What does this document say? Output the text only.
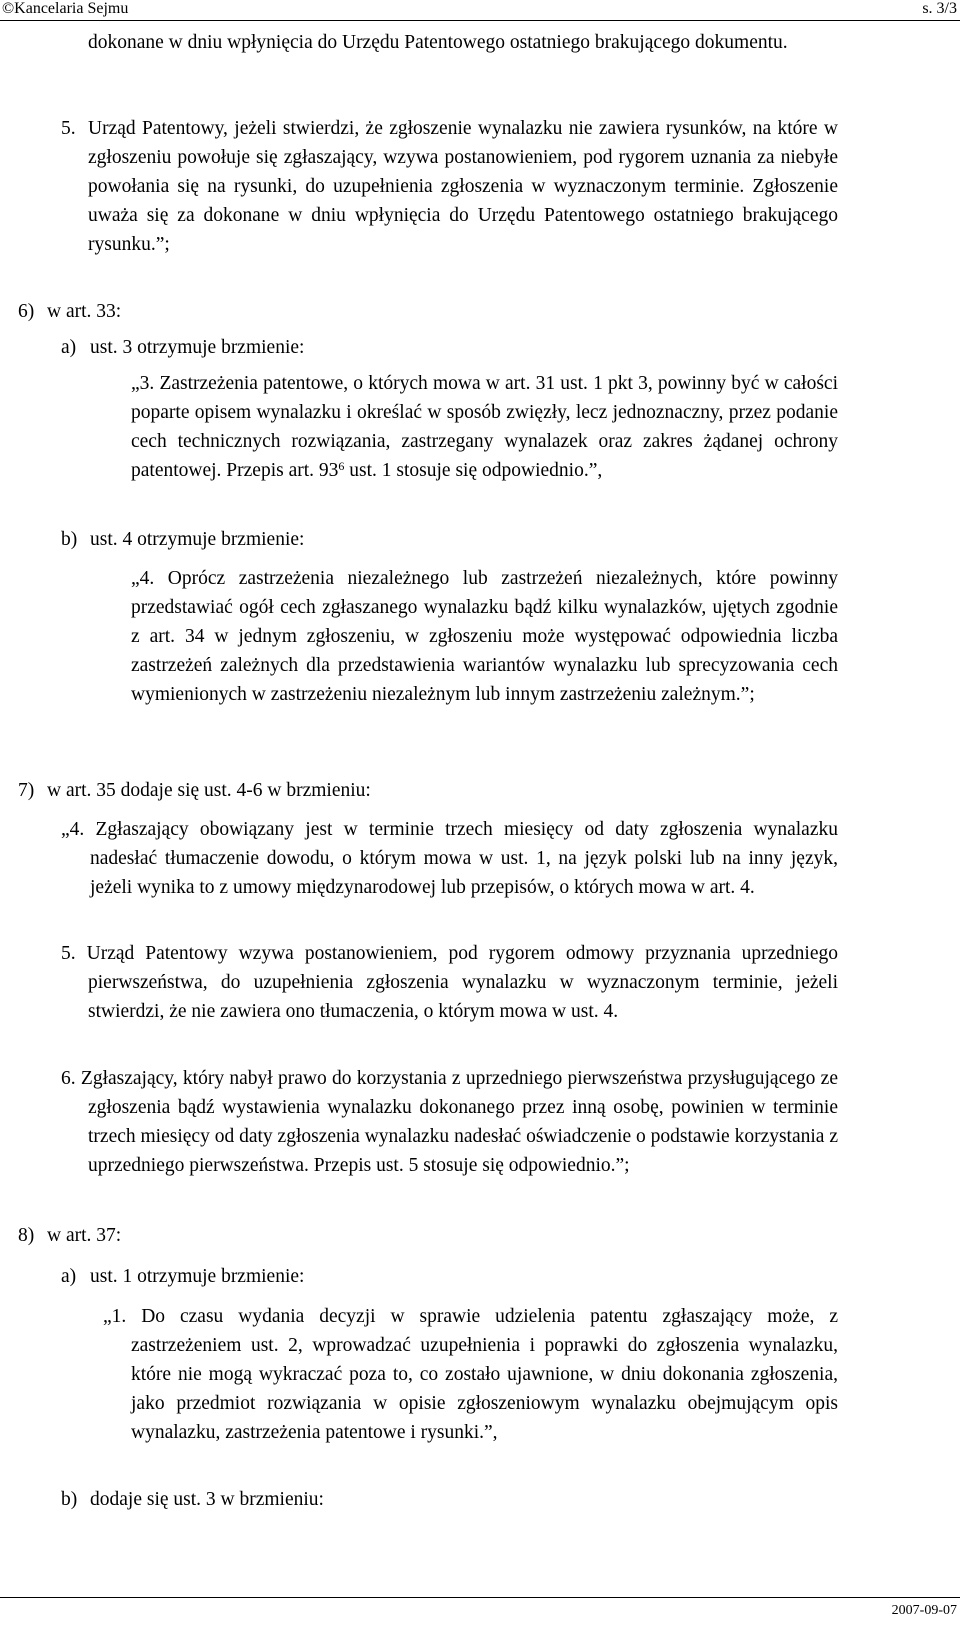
©Kancelaria Sejmu	s. 3/3

dokonane w dniu wpłynięcia do Urzędu Patentowego ostatniego brakującego dokumentu.

5. Urząd Patentowy, jeżeli stwierdzi, że zgłoszenie wynalazku nie zawiera rysunków, na które w zgłoszeniu powołuje się zgłaszający, wzywa postanowieniem, pod rygorem uznania za niebyłe powołania się na rysunki, do uzupełnienia zgłoszenia w wyznaczonym terminie. Zgłoszenie uważa się za dokonane w dniu wpłynięcia do Urzędu Patentowego ostatniego brakującego rysunku.”;

6) w art. 33:
a) ust. 3 otrzymuje brzmienie:

„3. Zastrzeżenia patentowe, o których mowa w art. 31 ust. 1 pkt 3, powinny być w całości poparte opisem wynalazku i określać w sposób zwięzły, lecz jednoznaczny, przez podanie cech technicznych rozwiązania, zastrzegany wynalazek oraz zakres żądanej ochrony patentowej. Przepis art. $93^6$ ust. 1 stosuje się odpowiednio.”,

b) ust. 4 otrzymuje brzmienie:

„4. Oprócz zastrzeżenia niezależnego lub zastrzeżeń niezależnych, które powinny przedstawiać ogół cech zgłaszanego wynalazku bądź kilku wynalazków, ujętych zgodnie z art. 34 w jednym zgłoszeniu, w zgłoszeniu może występować odpowiednia liczba zastrzeżeń zależnych dla przedstawienia wariantów wynalazku lub sprecyzowania cech wymienionych w zastrzeżeniu niezależnym lub innym zastrzeżeniu zależnym.”;

7) w art. 35 dodaje się ust. 4-6 w brzmieniu:

„4. Zgłaszający obowiązany jest w terminie trzech miesięcy od daty zgłoszenia wynalazku nadesłać tłumaczenie dowodu, o którym mowa w ust. 1, na język polski lub na inny język, jeżeli wynika to z umowy międzynarodowej lub przepisów, o których mowa w art. 4.

5. Urząd Patentowy wzywa postanowieniem, pod rygorem odmowy przyznania uprzedniego pierwszeństwa, do uzupełnienia zgłoszenia wynalazku w wyznaczonym terminie, jeżeli stwierdzi, że nie zawiera ono tłumaczenia, o którym mowa w ust. 4.

6. Zgłaszający, który nabył prawo do korzystania z uprzedniego pierwszeństwa przysługującego ze zgłoszenia bądź wystawienia wynalazku dokonanego przez inną osobę, powinien w terminie trzech miesięcy od daty zgłoszenia wynalazku nadesłać oświadczenie o podstawie korzystania z uprzedniego pierwszeństwa. Przepis ust. 5 stosuje się odpowiednio.”;

8) w art. 37:
a) ust. 1 otrzymuje brzmienie:

„1. Do czasu wydania decyzji w sprawie udzielenia patentu zgłaszający może, z zastrzeżeniem ust. 2, wprowadzać uzupełnienia i poprawki do zgłoszenia wynalazku, które nie mogą wykraczać poza to, co zostało ujawnione, w dniu dokonania zgłoszenia, jako przedmiot rozwiązania w opisie zgłoszeniowym wynalazku obejmującym opis wynalazku, zastrzeżenia patentowe i rysunki.”,

b) dodaje się ust. 3 w brzmieniu:
2007-09-07
